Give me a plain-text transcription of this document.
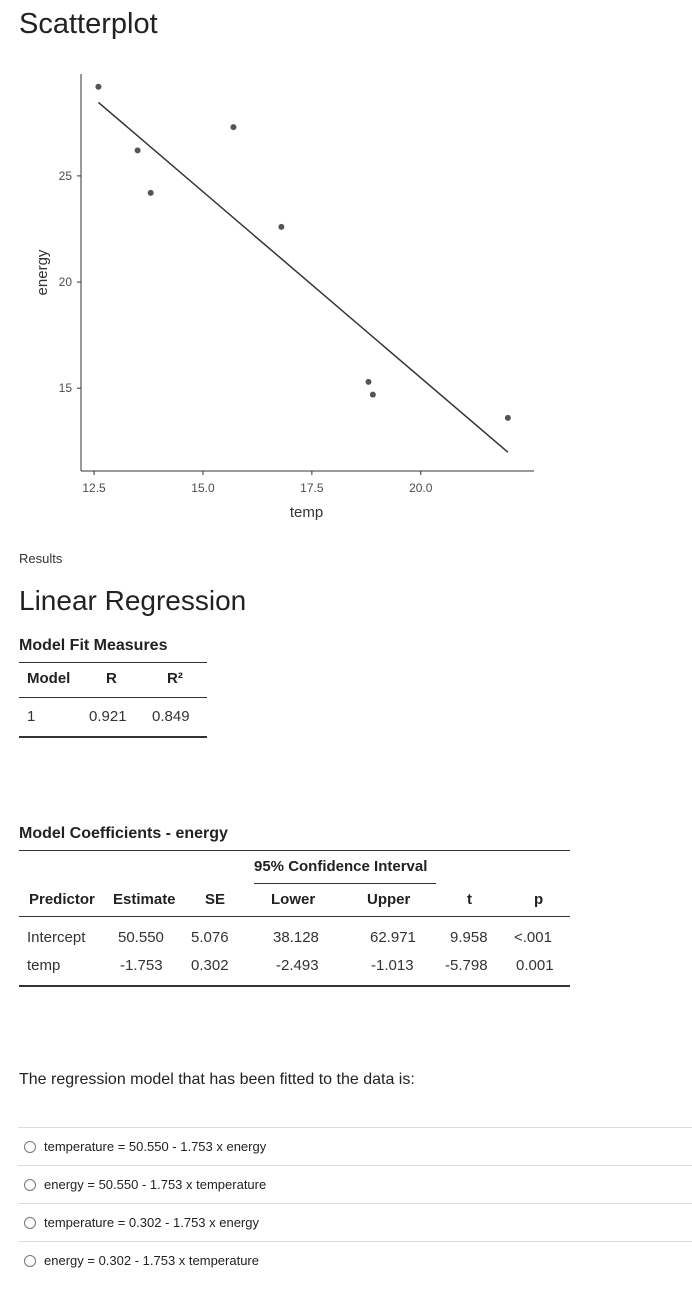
Scatterplot
12.5	15.0	17.5	20.0
15
20
25
temp
energy
Results
Linear Regression
Model Fit Measures
Model R	R²
1	0.921 0.849
Model Coefficients - energy
95% Confidence Interval
Predictor Estimate SE	Lower	Upper	t	p
Intercept 50.550 5.076	38.128	62.971 9.958 <.001
temp	-1.753 0.302	-2.493	-1.013 -5.798 0.001
The regression model that has been fitted to the data is:
temperature = 50.550 - 1.753 x energy
energy = 50.550 - 1.753 x temperature
temperature = 0.302 - 1.753 x energy
energy = 0.302 - 1.753 x temperature
